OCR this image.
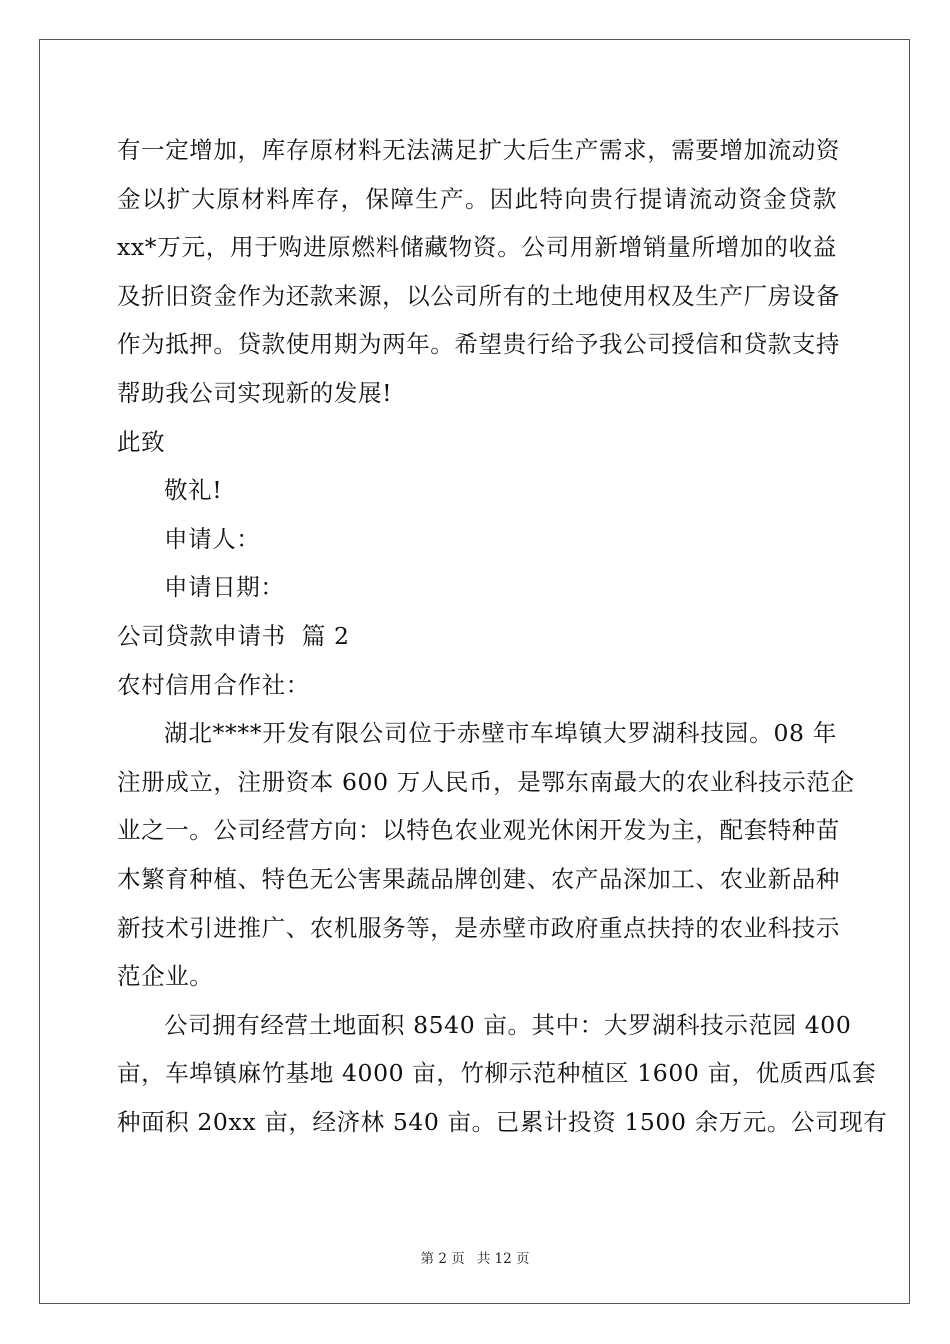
有一定增加，库存原材料无法满足扩大后生产需求，需要增加流动资
金以扩大原材料库存，保障生产。因此特向贵行提请流动资金贷款
xx*万元，用于购进原燃料储藏物资。公司用新增销量所增加的收益
及折旧资金作为还款来源，以公司所有的土地使用权及生产厂房设备
作为抵押。贷款使用期为两年。希望贵行给予我公司授信和贷款支持
帮助我公司实现新的发展!
此致
敬礼!
申请人：
申请日期：
公司贷款申请书  篇 2
农村信用合作社：
湖北****开发有限公司位于赤壁市车埠镇大罗湖科技园。08 年
注册成立，注册资本 600 万人民币，是鄂东南最大的农业科技示范企
业之一。公司经营方向：以特色农业观光休闲开发为主，配套特种苗
木繁育种植、特色无公害果蔬品牌创建、农产品深加工、农业新品种
新技术引进推广、农机服务等，是赤壁市政府重点扶持的农业科技示
范企业。
公司拥有经营土地面积 8540 亩。其中：大罗湖科技示范园 400
亩，车埠镇麻竹基地 4000 亩，竹柳示范种植区 1600 亩，优质西瓜套
种面积 20xx 亩，经济林 540 亩。已累计投资 1500 余万元。公司现有
第 2 页 共 12 页
